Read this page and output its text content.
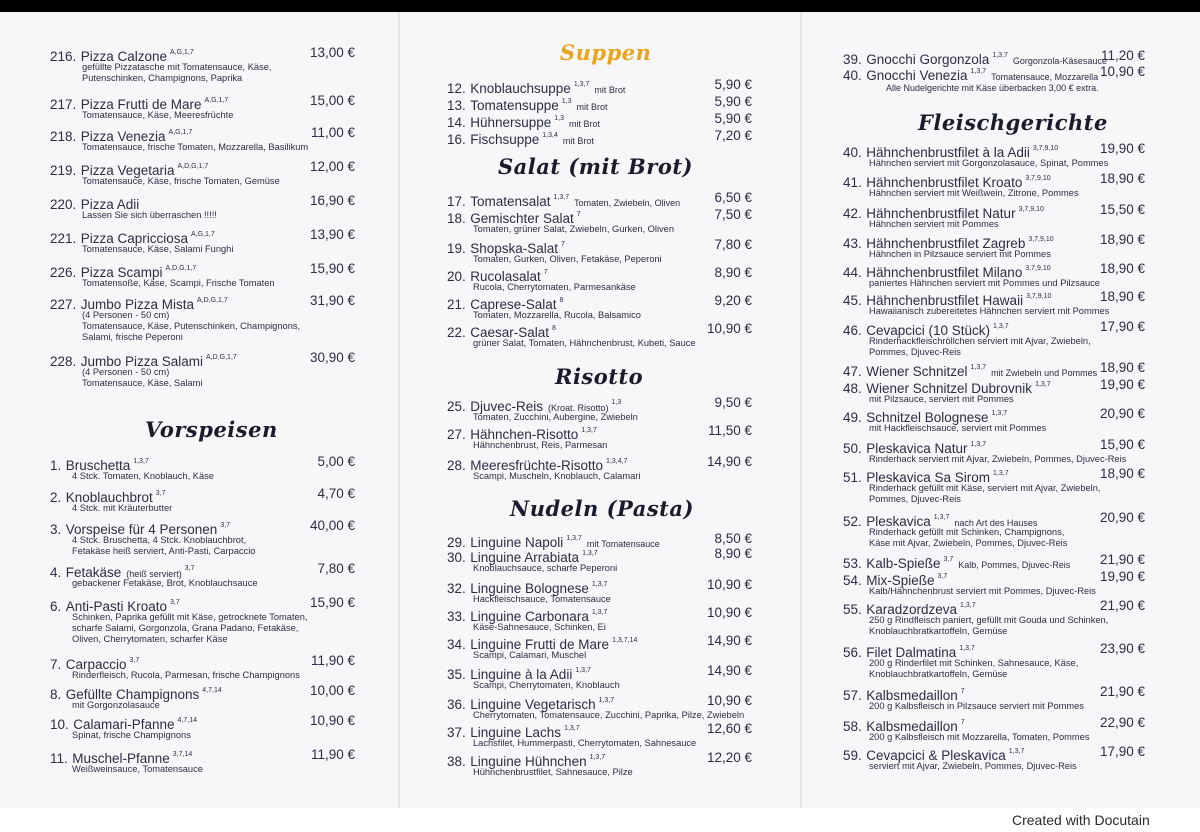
216. Pizza Calzone $^{A,G,1,7}$	13,00 €
gefüllte Pizzatasche mit Tomatensauce, Käse,
Putenschinken, Champignons, Paprika
217. Pizza Frutti de Mare $^{A,G,1,7}$	15,00 €
Tomatensauce, Käse, Meeresfrüchte
218. Pizza Venezia $^{A,G,1,7}$	11,00 €
Tomatensauce, frische Tomaten, Mozzarella, Basilikum
219. Pizza Vegetaria $^{A,D,G,1,7}$	12,00 €
Tomatensauce, Käse, frische Tomaten, Gemüse
220. Pizza Adii	16,90 €
Lassen Sie sich überraschen !!!!!
221. Pizza Capricciosa $^{A,G,1,7}$	13,90 €
Tomatensauce, Käse, Salami Funghi
226. Pizza Scampi $^{A,D,G,1,7}$	15,90 €
Tomatensoße, Käse, Scampi, Frische Tomaten
227. Jumbo Pizza Mista $^{A,D,G,1,7}$	31,90 €
(4 Personen - 50 cm)
Tomatensauce, Käse, Putenschinken, Champignons,
Salami, frische Peperoni
228. Jumbo Pizza Salami $^{A,D,G,1,7}$	30,90 €
(4 Personen - 50 cm)
Tomatensauce, Käse, Salami
1. Bruschetta $^{1,3,7}$	5,00 €
4 Stck. Tomaten, Knoblauch, Käse
2. Knoblauchbrot $^{3,7}$	4,70 €
4 Stck. mit Kräuterbutter
3. Vorspeise für 4 Personen $^{3,7}$	40,00 €
4 Stck. Bruschetta, 4 Stck. Knoblauchbrot,
Fetakäse heiß serviert, Anti-Pasti, Carpaccio
4. Fetakäse (heiß serviert)$^{3,7}$	7,80 €
gebackener Fetakäse, Brot, Knoblauchsauce
6. Anti-Pasti Kroato $^{3,7}$	15,90 €
Schinken, Paprika gefüllt mit Käse, getrocknete Tomaten,
scharfe Salami, Gorgonzola, Grana Padano, Fetakäse,
Oliven, Cherrytomaten, scharfer Käse
7. Carpaccio $^{3,7}$	11,90 €
Rinderfleisch, Rucola, Parmesan, frische Champignons
8. Gefüllte Champignons $^{4,7,14}$	10,00 €
mit Gorgonzolasauce
10. Calamari-Pfanne $^{4,7,14}$	10,90 €
Spinat, frische Champignons
11. Muschel-Pfanne $^{3,7,14}$	11,90 €
Weißweinsauce, Tomatensauce
Vorspeisen
12. Knoblauchsuppe $^{1,3,7}$mit Brot	5,90 €
13. Tomatensuppe $^{1,3}$mit Brot	5,90 €
14. Hühnersuppe $^{1,3}$mit Brot	5,90 €
16. Fischsuppe $^{1,3,4}$mit Brot	7,20 €
17. Tomatensalat $^{1,3,7}$Tomaten, Zwiebeln, Oliven	6,50 €
18. Gemischter Salat $^7$	7,50 €
Tomaten, grüner Salat, Zwiebeln, Gurken, Oliven
19. Shopska-Salat $^7$	7,80 €
Tomaten, Gurken, Oliven, Fetakäse, Peperoni
20. Rucolasalat $^7$	8,90 €
Rucola, Cherrytomaten, Parmesankäse
21. Caprese-Salat $^8$	9,20 €
Tomaten, Mozzarella, Rucola, Balsamico
22. Caesar-Salat $^8$	10,90 €
grüner Salat, Tomaten, Hähnchenbrust, Kubeti, Sauce
25. Djuvec-Reis (Kroat. Risotto)$^{1,3}$	9,50 €
Tomaten, Zucchini, Aubergine, Zwiebeln
27. Hähnchen-Risotto $^{1,3,7}$	11,50 €
Hähnchenbrust, Reis, Parmesan
28. Meeresfrüchte-Risotto $^{1,3,4,7}$	14,90 €
Scampi, Muscheln, Knoblauch, Calamari
29. Linguine Napoli $^{1,3,7}$mit Tomatensauce	8,50 €
30. Linguine Arrabiata $^{1,3,7}$	8,90 €
Knoblauchsauce, scharfe Peperoni
32. Linguine Bolognese $^{1,3,7}$	10,90 €
Hackfleischsauce, Tomatensauce
33. Linguine Carbonara $^{1,3,7}$	10,90 €
Käse-Sahnesauce, Schinken, Ei
34. Linguine Frutti de Mare $^{1,3,7,14}$	14,90 €
Scampi, Calamari, Muschel
35. Linguine à la Adii $^{1,3,7}$	14,90 €
Scampi, Cherrytomaten, Knoblauch
36. Linguine Vegetarisch $^{1,3,7}$	10,90 €
Cherrytomaten, Tomatensauce, Zucchini, Paprika, Pilze, Zwiebeln
37. Linguine Lachs $^{1,3,7}$	12,60 €
Lachsfilet, Hummerpasti, Cherrytomaten, Sahnesauce
38. Linguine Hühnchen $^{1,3,7}$	12,20 €
Hühnchenbrustfilet, Sahnesauce, Pilze
Suppen
Salat (mit Brot)
Risotto
Nudeln (Pasta)
39. Gnocchi Gorgonzola $^{1,3,7}$Gorgonzola-Käsesauce
11,20 €
40. Gnocchi Venezia $^{1,3,7}$Tomatensauce, Mozzarella 10,90 €
40. Hähnchenbrustfilet à la Adii $^{3,7,9,10}$	19,90 €
Hähnchen serviert mit Gorgonzolasauce, Spinat, Pommes
41. Hähnchenbrustfilet Kroato $^{3,7,9,10}$	18,90 €
Hähnchen serviert mit Weißwein, Zitrone, Pommes
42. Hähnchenbrustfilet Natur $^{3,7,9,10}$	15,50 €
Hähnchen serviert mit Pommes
43. Hähnchenbrustfilet Zagreb $^{3,7,9,10}$	18,90 €
Hähnchen in Pilzsauce serviert mit Pommes
44. Hähnchenbrustfilet Milano $^{3,7,9,10}$	18,90 €
paniertes Hähnchen serviert mit Pommes und Pilzsauce
45. Hähnchenbrustfilet Hawaii $^{3,7,9,10}$	18,90 €
Hawaiianisch zubereitetes Hähnchen serviert mit Pommes
46. Cevapcici (10 Stück) $^{1,3,7}$	17,90 €
Rinderhackfleischröllchen serviert mit Ajvar, Zwiebeln,
Pommes, Djuvec-Reis
47. Wiener Schnitzel $^{1,3,7}$mit Zwiebeln und Pommes 18,90 €
48. Wiener Schnitzel Dubrovnik $^{1,3,7}$	19,90 €
mit Pilzsauce, serviert mit Pommes
49. Schnitzel Bolognese $^{1,3,7}$	20,90 €
mit Hackfleischsauce, serviert mit Pommes
50. Pleskavica Natur $^{1,3,7}$	15,90 €
Rinderhack serviert mit Ajvar, Zwiebeln, Pommes, Djuvec-Reis
51. Pleskavica Sa Sirom $^{1,3,7}$	18,90 €
Rinderhack gefüllt mit Käse, serviert mit Ajvar, Zwiebeln,
Pommes, Djuvec-Reis
52. Pleskavica $^{1,3,7}$nach Art des Hauses	20,90 €
Rinderhack gefüllt mit Schinken, Champignons,
Käse mit Ajvar, Zwiebeln, Pommes, Djuvec-Reis
53. Kalb-Spieße $^{3,7}$Kalb, Pommes, Djuvec-Reis 21,90 €
54. Mix-Spieße $^{3,7}$	19,90 €
Kalb/Hähnchenbrust serviert mit Pommes, Djuvec-Reis
55. Karadzordzeva $^{1,3,7}$	21,90 €
250 g Rindfleisch paniert, gefüllt mit Gouda und Schinken,
Knoblauchbratkartoffeln, Gemüse
56. Filet Dalmatina $^{1,3,7}$	23,90 €
200 g Rinderfilet mit Schinken, Sahnesauce, Käse,
Knoblauchbratkartoffeln, Gemüse
57. Kalbsmedaillon $^7$	21,90 €
200 g Kalbsfleisch in Pilzsauce serviert mit Pommes
58. Kalbsmedaillon $^7$	22,90 €
200 g Kalbsfleisch mit Mozzarella, Tomaten, Pommes
59. Cevapcici & Pleskavica $^{1,3,7}$	17,90 €
serviert mit Ajvar, Zwiebeln, Pommes, Djuvec-Reis
Alle Nudelgerichte mit Käse überbacken 3,00 € extra.
Fleischgerichte
Created with Docutain
